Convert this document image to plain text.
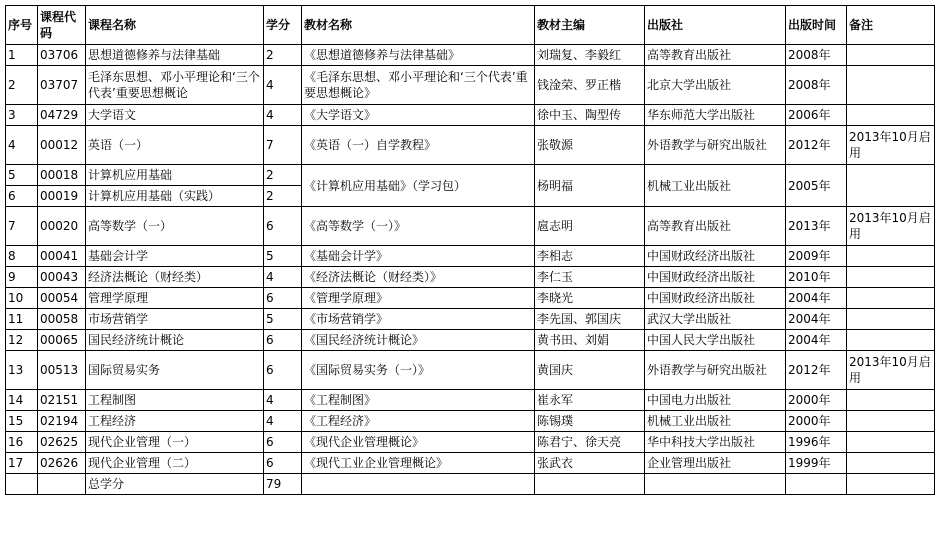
序号	课程代码	课程名称	学分	教材名称	教材主编	出版社	出版时间	备注
1	03706	思想道德修养与法律基础	2	《思想道德修养与法律基础》	刘瑞复、李毅红	高等教育出版社	2008年	
2	03707	毛泽东思想、邓小平理论和‘三个代表’重要思想概论	4	《毛泽东思想、邓小平理论和‘三个代表’重要思想概论》	钱淦荣、罗正楷	北京大学出版社	2008年	
3	04729	大学语文	4	《大学语文》	徐中玉、陶型传	华东师范大学出版社	2006年	
4	00012	英语（一）	7	《英语（一）自学教程》	张敬源	外语教学与研究出版社	2012年	2013年10月启用
5	00018	计算机应用基础	2	《计算机应用基础》（学习包）	杨明福	机械工业出版社	2005年	
6	00019	计算机应用基础（实践）	2					
7	00020	高等数学（一）	6	《高等数学（一）》	扈志明	高等教育出版社	2013年	2013年10月启用
8	00041	基础会计学	5	《基础会计学》	李相志	中国财政经济出版社	2009年	
9	00043	经济法概论（财经类）	4	《经济法概论（财经类）》	李仁玉	中国财政经济出版社	2010年	
10	00054	管理学原理	6	《管理学原理》	李晓光	中国财政经济出版社	2004年	
11	00058	市场营销学	5	《市场营销学》	李先国、郭国庆	武汉大学出版社	2004年	
12	00065	国民经济统计概论	6	《国民经济统计概论》	黄书田、刘娟	中国人民大学出版社	2004年	
13	00513	国际贸易实务	6	《国际贸易实务（一）》	黄国庆	外语教学与研究出版社	2012年	2013年10月启用
14	02151	工程制图	4	《工程制图》	崔永军	中国电力出版社	2000年	
15	02194	工程经济	4	《工程经济》	陈锡璞	机械工业出版社	2000年	
16	02625	现代企业管理（一）	6	《现代企业管理概论》	陈君宁、徐天亮	华中科技大学出版社	1996年	
17	02626	现代企业管理（二）	6	《现代工业企业管理概论》	张武衣	企业管理出版社	1999年	
		总学分	79					
